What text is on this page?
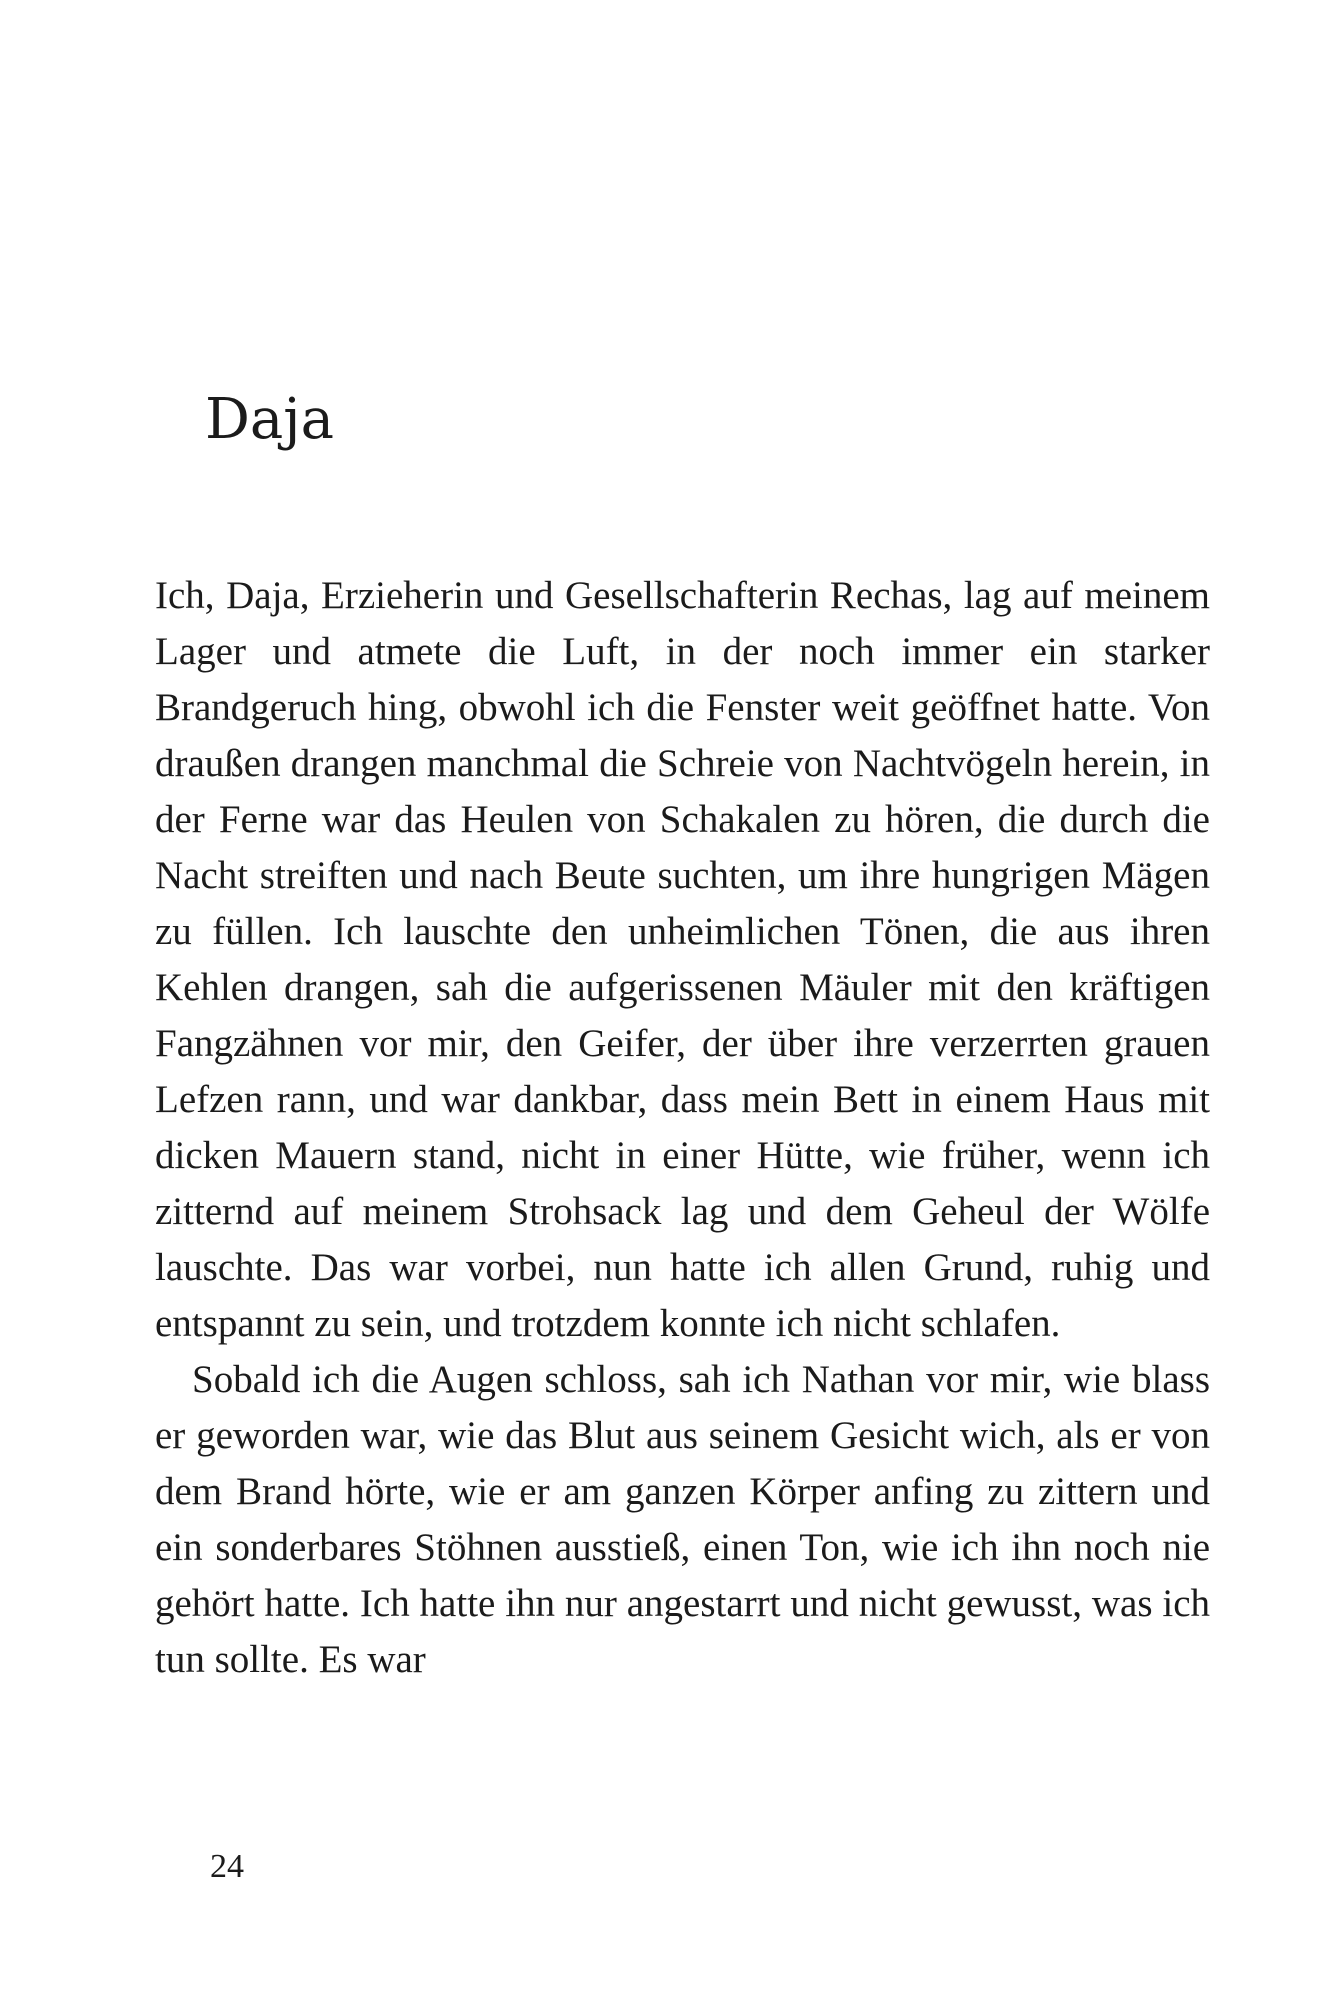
Daja

Ich, Daja, Erzieherin und Gesellschafterin Rechas, lag auf meinem Lager und atmete die Luft, in der noch immer ein starker Brandgeruch hing, obwohl ich die Fenster weit geöffnet hatte. Von draußen drangen manchmal die Schreie von Nachtvögeln herein, in der Ferne war das Heulen von Schakalen zu hören, die durch die Nacht streiften und nach Beute suchten, um ihre hungrigen Mägen zu füllen. Ich lauschte den unheimlichen Tönen, die aus ihren Kehlen drangen, sah die aufgerissenen Mäuler mit den kräftigen Fangzähnen vor mir, den Geifer, der über ihre verzerrten grauen Lefzen rann, und war dankbar, dass mein Bett in einem Haus mit dicken Mauern stand, nicht in einer Hütte, wie früher, wenn ich zitternd auf meinem Strohsack lag und dem Geheul der Wölfe lauschte. Das war vorbei, nun hatte ich allen Grund, ruhig und entspannt zu sein, und trotzdem konnte ich nicht schlafen.

Sobald ich die Augen schloss, sah ich Nathan vor mir, wie blass er geworden war, wie das Blut aus seinem Gesicht wich, als er von dem Brand hörte, wie er am ganzen Körper anfing zu zittern und ein sonderbares Stöhnen ausstieß, einen Ton, wie ich ihn noch nie gehört hatte. Ich hatte ihn nur angestarrt und nicht gewusst, was ich tun sollte. Es war

24
